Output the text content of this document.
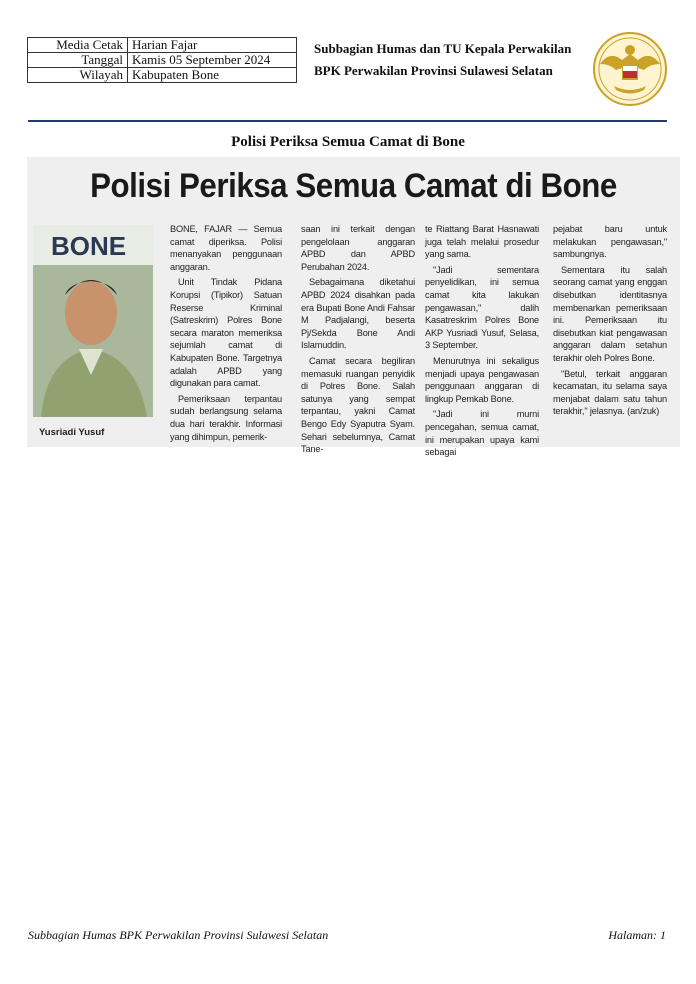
Media Cetak	Harian Fajar
Tanggal	Kamis 05 September 2024
Wilayah	Kabupaten Bone
Subbagian Humas dan TU Kepala Perwakilan
BPK Perwakilan Provinsi Sulawesi Selatan
Polisi Periksa Semua Camat di Bone
Polisi Periksa Semua Camat di Bone
BONE
Yusriadi Yusuf

BONE, FAJAR — Semua camat diperiksa. Polisi menanyakan penggunaan anggaran.

Unit Tindak Pidana Korupsi (Tipikor) Satuan Reserse Kriminal (Satreskrim) Polres Bone secara maraton memeriksa sejumlah camat di Kabupaten Bone. Targetnya adalah APBD yang digunakan para camat.

Pemeriksaan terpantau sudah berlangsung selama dua hari terakhir. Informasi yang dihimpun, pemerik-

saan ini terkait dengan pengelolaan anggaran APBD dan APBD Perubahan 2024.

Sebagaimana diketahui APBD 2024 disahkan pada era Bupati Bone Andi Fahsar M Padjalangi, beserta Pj/Sekda Bone Andi Islamuddin.

Camat secara begiliran memasuki ruangan penyidik di Polres Bone. Salah satunya yang sempat terpantau, yakni Camat Bengo Edy Syaputra Syam. Sehari sebelumnya, Camat Tane-

te Riattang Barat Hasnawati juga telah melalui prosedur yang sama.

"Jadi sementara penyelidikan, ini semua camat kita lakukan pengawasan," dalih Kasatreskrim Polres Bone AKP Yusriadi Yusuf, Selasa, 3 September.

Menurutnya ini sekaligus menjadi upaya pengawasan penggunaan anggaran di lingkup Pemkab Bone.

"Jadi ini murni pencegahan, semua camat, ini merupakan upaya kami sebagai

pejabat baru untuk melakukan pengawasan," sambungnya.

Sementara itu salah seorang camat yang enggan disebutkan identitasnya membenarkan pemeriksaan ini. Pemeriksaan itu disebutkan kiat pengawasan anggaran dalam setahun terakhir oleh Polres Bone.

"Betul, terkait anggaran kecamatan, itu selama saya menjabat dalam satu tahun terakhir," jelasnya. (an/zuk)

Subbagian Humas BPK Perwakilan Provinsi Sulawesi Selatan	Halaman: 1
